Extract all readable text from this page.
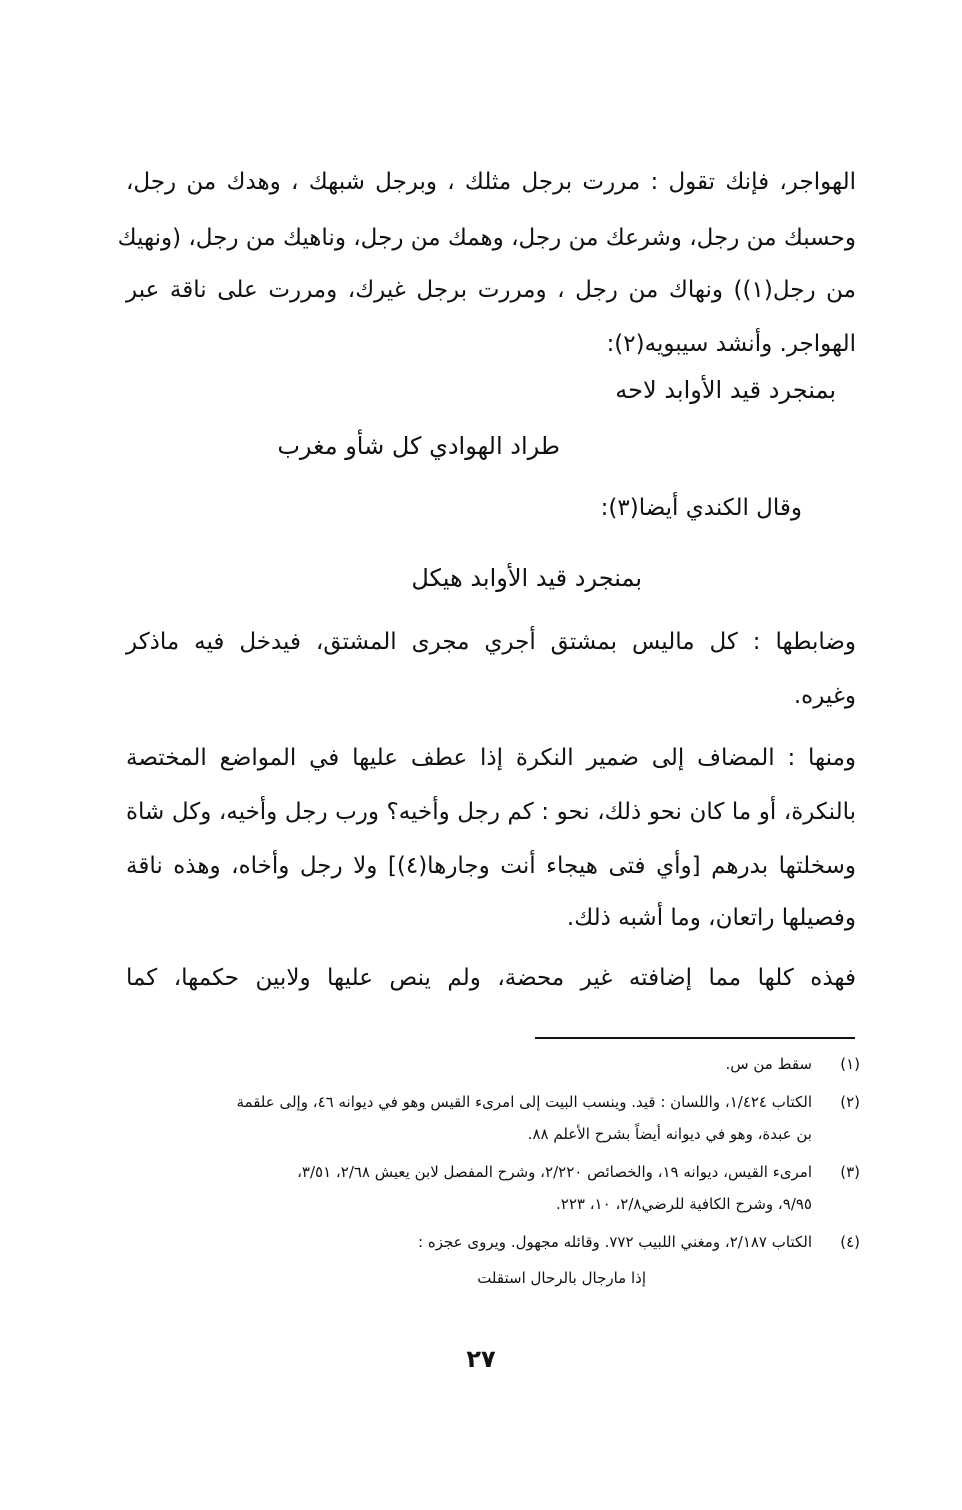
الهواجر، فإنك تقول : مررت برجل مثلك ، وبرجل شبهك ، وهدك من رجل،
وحسبك من رجل، وشرعك من رجل، وهمك من رجل، وناهيك من رجل، (ونهيك
من رجل(١)) ونهاك من رجل ، ومررت برجل غيرك، ومررت على ناقة عبر
الهواجر. وأنشد سيبويه(٢):
بمنجرد قيد الأوابد لاحه
طراد الهوادي كل شأو مغرب
وقال الكندي أيضا(٣):
بمنجرد قيد الأوابد هيكل
وضابطها : كل ماليس بمشتق أجري مجرى المشتق، فيدخل فيه ماذكر
وغيره.
ومنها : المضاف إلى ضمير النكرة إذا عطف عليها في المواضع المختصة
بالنكرة، أو ما كان نحو ذلك، نحو : كم رجل وأخيه؟ ورب رجل وأخيه، وكل شاة
وسخلتها بدرهم [وأي فتى هيجاء أنت وجارها(٤)] ولا رجل وأخاه، وهذه ناقة
وفصيلها راتعان، وما أشبه ذلك.
فهذه كلها مما إضافته غير محضة، ولم ينص عليها ولابين حكمها، كما
(١)
سقط من س.
(٢)
الكتاب ١/٤٢٤، واللسان : قيد. وينسب البيت إلى امرىء القيس وهو في ديوانه ٤٦، وإلى علقمة
بن عبدة، وهو في ديوانه أيضاً بشرح الأعلم ٨٨.
(٣)
امرىء القيس، ديوانه ١٩، والخصائص ٢/٢٢٠، وشرح المفصل لابن يعيش ٢/٦٨، ٣/٥١،
٩/٩٥، وشرح الكافية للرضي٢/٨، ١٠، ٢٢٣.
(٤)
الكتاب ٢/١٨٧، ومغني اللبيب ٧٧٢. وقائله مجهول. ويروى عجزه :
إذا مارجال بالرحال استقلت
٢٧
